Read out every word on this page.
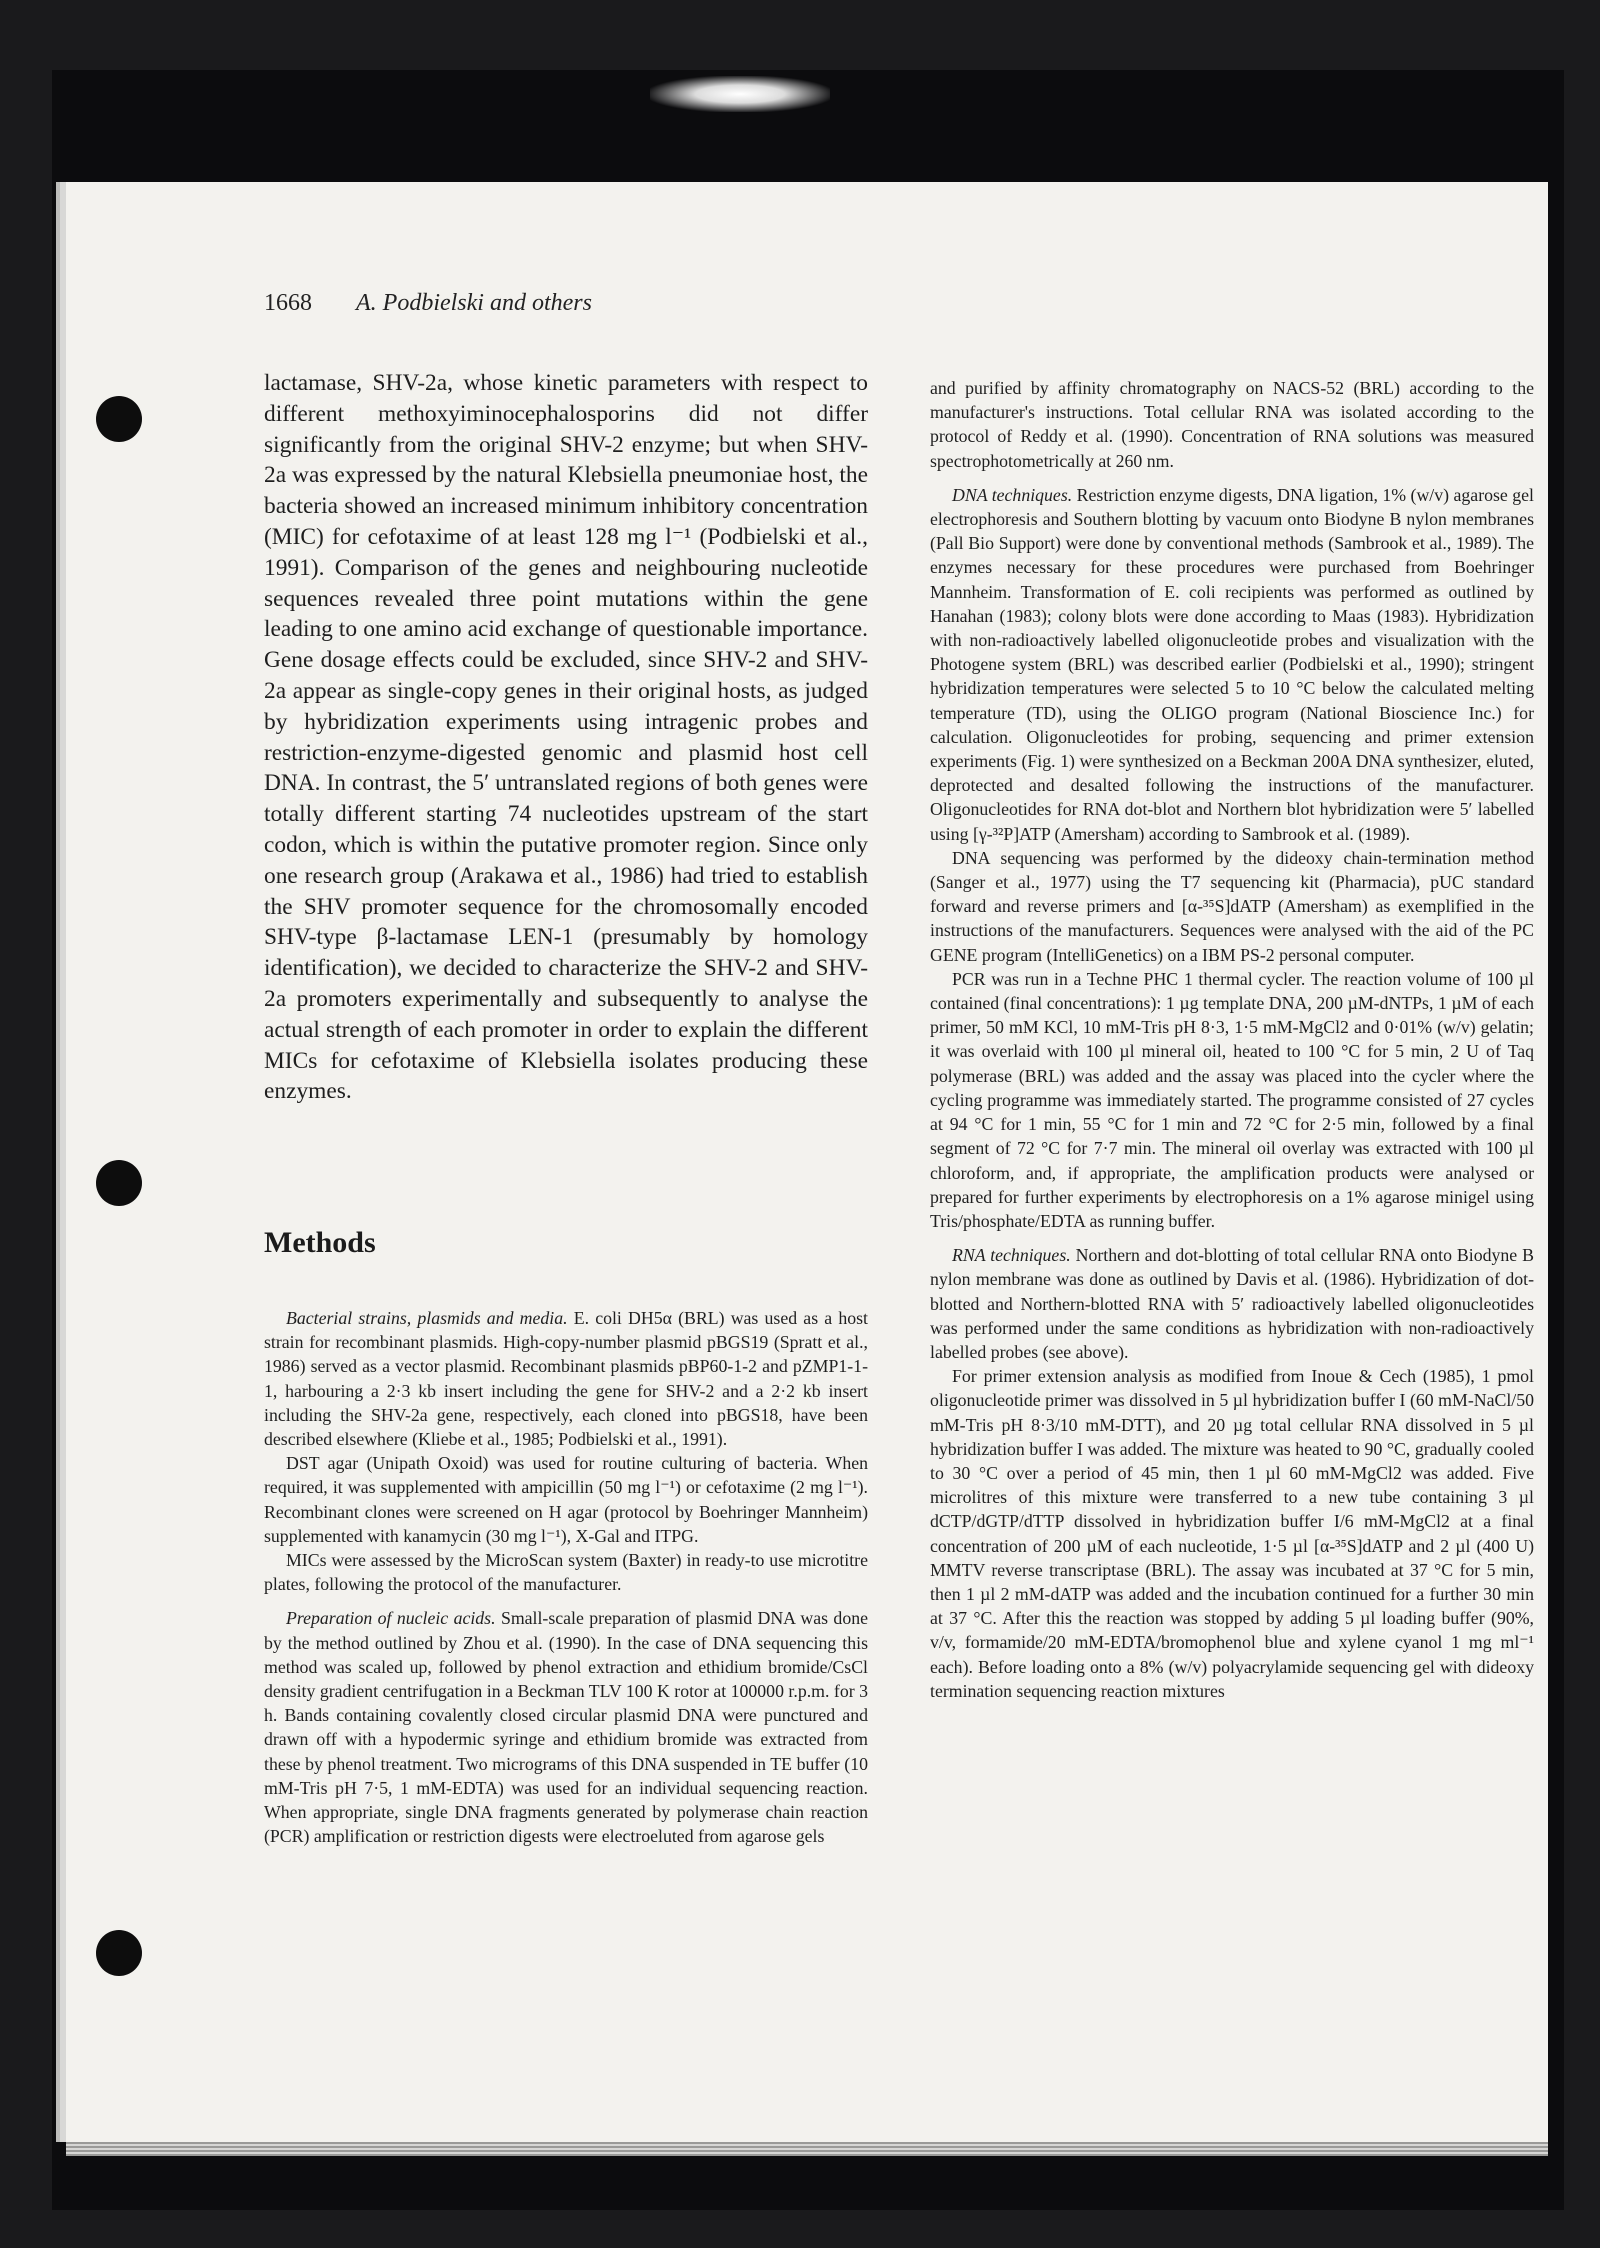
1668 A. Podbielski and others

lactamase, SHV-2a, whose kinetic parameters with respect to different methoxyiminocephalosporins did not differ significantly from the original SHV-2 enzyme; but when SHV-2a was expressed by the natural Klebsiella pneumoniae host, the bacteria showed an increased minimum inhibitory concentration (MIC) for cefotaxime of at least 128 mg l⁻¹ (Podbielski et al., 1991). Comparison of the genes and neighbouring nucleotide sequences revealed three point mutations within the gene leading to one amino acid exchange of questionable importance. Gene dosage effects could be excluded, since SHV-2 and SHV-2a appear as single-copy genes in their original hosts, as judged by hybridization experiments using intragenic probes and restriction-enzyme-digested genomic and plasmid host cell DNA. In contrast, the 5′ untranslated regions of both genes were totally different starting 74 nucleotides upstream of the start codon, which is within the putative promoter region. Since only one research group (Arakawa et al., 1986) had tried to establish the SHV promoter sequence for the chromosomally encoded SHV-type β-lactamase LEN-1 (presumably by homology identification), we decided to characterize the SHV-2 and SHV-2a promoters experimentally and subsequently to analyse the actual strength of each promoter in order to explain the different MICs for cefotaxime of Klebsiella isolates producing these enzymes.

Methods

Bacterial strains, plasmids and media. E. coli DH5α (BRL) was used as a host strain for recombinant plasmids. High-copy-number plasmid pBGS19 (Spratt et al., 1986) served as a vector plasmid. Recombinant plasmids pBP60-1-2 and pZMP1-1-1, harbouring a 2·3 kb insert including the gene for SHV-2 and a 2·2 kb insert including the SHV-2a gene, respectively, each cloned into pBGS18, have been described elsewhere (Kliebe et al., 1985; Podbielski et al., 1991).

DST agar (Unipath Oxoid) was used for routine culturing of bacteria. When required, it was supplemented with ampicillin (50 mg l⁻¹) or cefotaxime (2 mg l⁻¹). Recombinant clones were screened on H agar (protocol by Boehringer Mannheim) supplemented with kanamycin (30 mg l⁻¹), X-Gal and ITPG.

MICs were assessed by the MicroScan system (Baxter) in ready-to use microtitre plates, following the protocol of the manufacturer.

Preparation of nucleic acids. Small-scale preparation of plasmid DNA was done by the method outlined by Zhou et al. (1990). In the case of DNA sequencing this method was scaled up, followed by phenol extraction and ethidium bromide/CsCl density gradient centrifugation in a Beckman TLV 100 K rotor at 100000 r.p.m. for 3 h. Bands containing covalently closed circular plasmid DNA were punctured and drawn off with a hypodermic syringe and ethidium bromide was extracted from these by phenol treatment. Two micrograms of this DNA suspended in TE buffer (10 mM-Tris pH 7·5, 1 mM-EDTA) was used for an individual sequencing reaction. When appropriate, single DNA fragments generated by polymerase chain reaction (PCR) amplification or restriction digests were electroeluted from agarose gels

and purified by affinity chromatography on NACS-52 (BRL) according to the manufacturer's instructions. Total cellular RNA was isolated according to the protocol of Reddy et al. (1990). Concentration of RNA solutions was measured spectrophotometrically at 260 nm.

DNA techniques. Restriction enzyme digests, DNA ligation, 1% (w/v) agarose gel electrophoresis and Southern blotting by vacuum onto Biodyne B nylon membranes (Pall Bio Support) were done by conventional methods (Sambrook et al., 1989). The enzymes necessary for these procedures were purchased from Boehringer Mannheim. Transformation of E. coli recipients was performed as outlined by Hanahan (1983); colony blots were done according to Maas (1983). Hybridization with non-radioactively labelled oligonucleotide probes and visualization with the Photogene system (BRL) was described earlier (Podbielski et al., 1990); stringent hybridization temperatures were selected 5 to 10 °C below the calculated melting temperature (TD), using the OLIGO program (National Bioscience Inc.) for calculation. Oligonucleotides for probing, sequencing and primer extension experiments (Fig. 1) were synthesized on a Beckman 200A DNA synthesizer, eluted, deprotected and desalted following the instructions of the manufacturer. Oligonucleotides for RNA dot-blot and Northern blot hybridization were 5′ labelled using [γ-³²P]ATP (Amersham) according to Sambrook et al. (1989).

DNA sequencing was performed by the dideoxy chain-termination method (Sanger et al., 1977) using the T7 sequencing kit (Pharmacia), pUC standard forward and reverse primers and [α-³⁵S]dATP (Amersham) as exemplified in the instructions of the manufacturers. Sequences were analysed with the aid of the PC GENE program (IntelliGenetics) on a IBM PS-2 personal computer.

PCR was run in a Techne PHC 1 thermal cycler. The reaction volume of 100 µl contained (final concentrations): 1 µg template DNA, 200 µM-dNTPs, 1 µM of each primer, 50 mM KCl, 10 mM-Tris pH 8·3, 1·5 mM-MgCl2 and 0·01% (w/v) gelatin; it was overlaid with 100 µl mineral oil, heated to 100 °C for 5 min, 2 U of Taq polymerase (BRL) was added and the assay was placed into the cycler where the cycling programme was immediately started. The programme consisted of 27 cycles at 94 °C for 1 min, 55 °C for 1 min and 72 °C for 2·5 min, followed by a final segment of 72 °C for 7·7 min. The mineral oil overlay was extracted with 100 µl chloroform, and, if appropriate, the amplification products were analysed or prepared for further experiments by electrophoresis on a 1% agarose minigel using Tris/phosphate/EDTA as running buffer.

RNA techniques. Northern and dot-blotting of total cellular RNA onto Biodyne B nylon membrane was done as outlined by Davis et al. (1986). Hybridization of dot-blotted and Northern-blotted RNA with 5′ radioactively labelled oligonucleotides was performed under the same conditions as hybridization with non-radioactively labelled probes (see above).

For primer extension analysis as modified from Inoue & Cech (1985), 1 pmol oligonucleotide primer was dissolved in 5 µl hybridization buffer I (60 mM-NaCl/50 mM-Tris pH 8·3/10 mM-DTT), and 20 µg total cellular RNA dissolved in 5 µl hybridization buffer I was added. The mixture was heated to 90 °C, gradually cooled to 30 °C over a period of 45 min, then 1 µl 60 mM-MgCl2 was added. Five microlitres of this mixture were transferred to a new tube containing 3 µl dCTP/dGTP/dTTP dissolved in hybridization buffer I/6 mM-MgCl2 at a final concentration of 200 µM of each nucleotide, 1·5 µl [α-³⁵S]dATP and 2 µl (400 U) MMTV reverse transcriptase (BRL). The assay was incubated at 37 °C for 5 min, then 1 µl 2 mM-dATP was added and the incubation continued for a further 30 min at 37 °C. After this the reaction was stopped by adding 5 µl loading buffer (90%, v/v, formamide/20 mM-EDTA/bromophenol blue and xylene cyanol 1 mg ml⁻¹ each). Before loading onto a 8% (w/v) polyacrylamide sequencing gel with dideoxy termination sequencing reaction mixtures
